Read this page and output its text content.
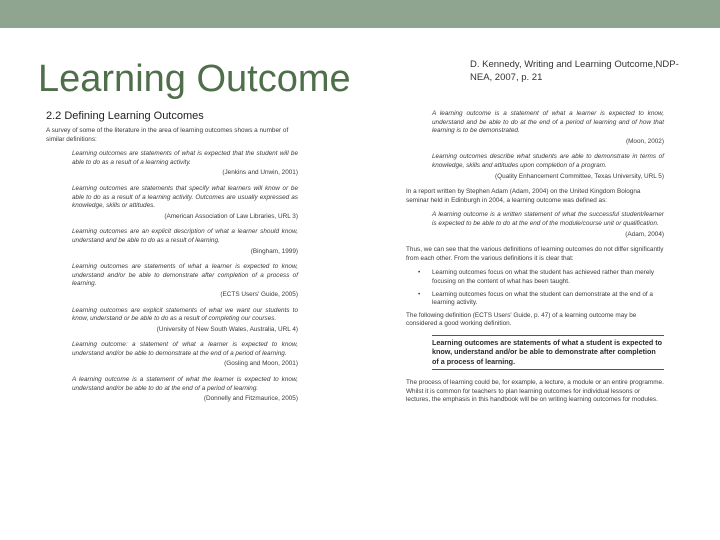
Learning Outcome	D. Kennedy, Writing and Learning Outcome,NDP-NEA, 2007, p. 21
2.2 Defining Learning Outcomes
A survey of some of the literature in the area of learning outcomes shows a number of similar definitions:
Learning outcomes are statements of what is expected that the student will be able to do as a result of a learning activity.
(Jenkins and Unwin, 2001)
Learning outcomes are statements that specify what learners will know or be able to do as a result of a learning activity. Outcomes are usually expressed as knowledge, skills or attitudes.
(American Association of Law Libraries, URL 3)
Learning outcomes are an explicit description of what a learner should know, understand and be able to do as a result of learning.
(Bingham, 1999)
Learning outcomes are statements of what a learner is expected to know, understand and/or be able to demonstrate after completion of a process of learning.
(ECTS Users' Guide, 2005)
Learning outcomes are explicit statements of what we want our students to know, understand or be able to do as a result of completing our courses.
(University of New South Wales, Australia, URL 4)
Learning outcome: a statement of what a learner is expected to know, understand and/or be able to demonstrate at the end of a period of learning.
(Gosling and Moon, 2001)
A learning outcome is a statement of what the learner is expected to know, understand and/or be able to do at the end of a period of learning.
(Donnelly and Fitzmaurice, 2005)
A learning outcome is a statement of what a learner is expected to know, understand and be able to do at the end of a period of learning and of how that learning is to be demonstrated.
(Moon, 2002)
Learning outcomes describe what students are able to demonstrate in terms of knowledge, skills and attitudes upon completion of a program.
(Quality Enhancement Committee, Texas University, URL 5)
In a report written by Stephen Adam (Adam, 2004) on the United Kingdom Bologna seminar held in Edinburgh in 2004, a learning outcome was defined as:
A learning outcome is a written statement of what the successful student/learner is expected to be able to do at the end of the module/course unit or qualification.
(Adam, 2004)
Thus, we can see that the various definitions of learning outcomes do not differ significantly from each other. From the various definitions it is clear that:
• Learning outcomes focus on what the student has achieved rather than merely focusing on the content of what has been taught.
• Learning outcomes focus on what the student can demonstrate at the end of a learning activity.
The following definition (ECTS Users' Guide, p. 47) of a learning outcome may be considered a good working definition.
Learning outcomes are statements of what a student is expected to know, understand and/or be able to demonstrate after completion of a process of learning.
The process of learning could be, for example, a lecture, a module or an entire programme. Whilst it is common for teachers to plan learning outcomes for individual lessons or lectures, the emphasis in this handbook will be on writing learning outcomes for modules.
